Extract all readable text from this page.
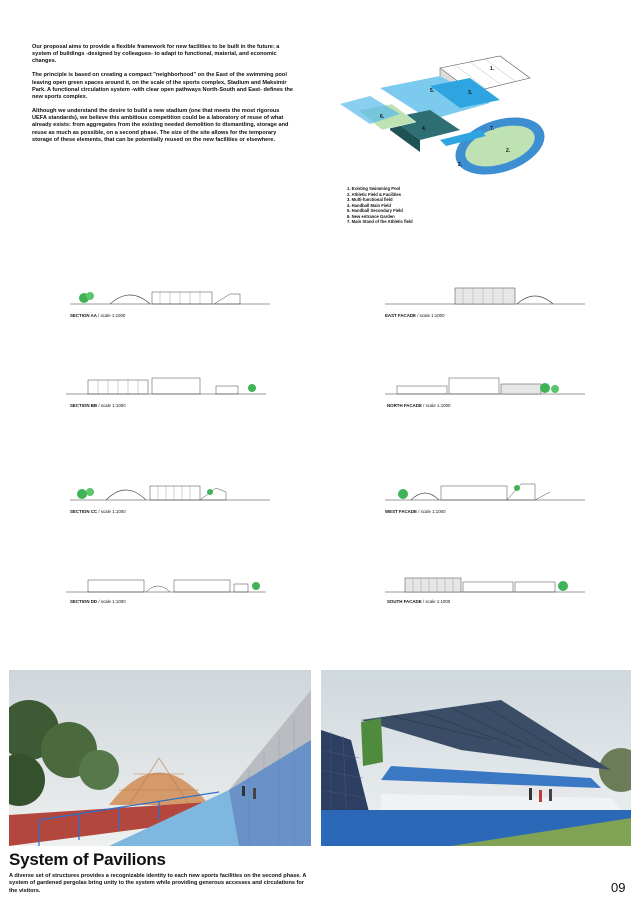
Our proposal aims to provide a flexible framework for new facilities to be built in the future: a system of buildings -designed by colleagues- to adapt to functional, material, and economic changes.

The principle is based on creating a compact "neighborhood" on the East of the swimming pool leaving open green spaces around it, on the scale of the sports complex, Stadium and Maksimir Park. A functional circulation system -with clear open pathways North-South and East- defines the new sports complex.

Although we understand the desire to build a new stadium (one that meets the most rigorous UEFA standards), we believe this ambitious competition could be a laboratory of reuse of what already exists: from aggregates from the existing needed demolition to dismantling, storage and reuse as much as possible, on a second phase. The size of the site allows for the temporary storage of these elements, that can be potentially reused on the new facilities or elsewhere.

1.
2.
3.
4.
5.
6.
7.
2.
1. Existing Swimming Pool
2. Athletic Field & Facilities
3. Multi-functional field
4. Handball Main Field
5. Handball Secondary Field
6. New entrance Garden
7. Main Stand of the Athletic field
SECTION AA / scale 1:1000	EAST FACADE / scale 1:1000
SECTION BB / scale 1:1000	NORTH FACADE / scale 1:1000
SECTION CC / scale 1:1000	WEST FACADE / scale 1:1000
SECTION DD / scale 1:1000	SOUTH FACADE / scale 1:1000
System of Pavilions
A diverse set of structures provides a recognizable identity to each new sports facilities on the second phase. A system of gardened pergolas bring unity to the system while providing generous accesses and circulations for the visitors.	09
